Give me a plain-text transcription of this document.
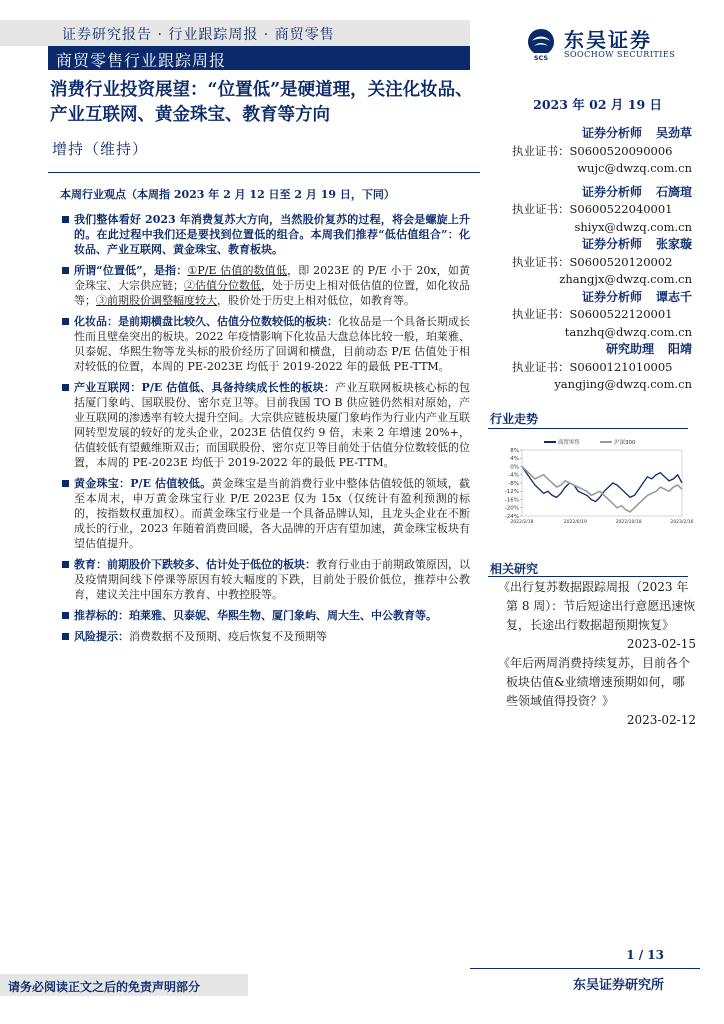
证券研究报告 · 行业跟踪周报 · 商贸零售
商贸零售行业跟踪周报	SCS
东吴证券
SOOCHOW SECURITIES
消费行业投资展望：“位置低”是硬道理，关注化妆品、产业互联网、黄金珠宝、教育等方向
增持（维持）
2023 年 02 月 19 日
证券分析师 吴劲草
执业证书：S0600520090006
wujc@dwzq.com.cn
证券分析师 石旖瑄
执业证书：S0600522040001
shiyx@dwzq.com.cn
证券分析师 张家璇
执业证书：S0600520120002
zhangjx@dwzq.com.cn
证券分析师 谭志千
执业证书：S0600522120001
tanzhq@dwzq.com.cn
研究助理 阳靖
执业证书：S0600121010005
yangjing@dwzq.com.cn
行业走势
8%
4%
0%
-4%
-8%
-12%
-16%
-20%
-24%
2022/2/18	2022/6/19	2022/10/18	2023/2/16
商贸零售	沪深300
相关研究
《出行复苏数据跟踪周报（2023 年第 8 周）：节后短途出行意愿迅速恢复，长途出行数据超预期恢复》
2023-02-15
《年后两周消费持续复苏，目前各个板块估值&业绩增速预期如何，哪些领域值得投资？》
2023-02-12
本周行业观点（本周指 2023 年 2 月 12 日至 2 月 19 日，下同）
我们整体看好 2023 年消费复苏大方向，当然股价复苏的过程，将会是螺旋上升的。在此过程中我们还是要找到位置低的组合。本周我们推荐“低估值组合”：化妆品、产业互联网、黄金珠宝、教育板块。
所谓“位置低”，是指：①P/E 估值的数值低，即 2023E 的 P/E 小于 20x，如黄金珠宝、大宗供应链；②估值分位数低，处于历史上相对低估值的位置，如化妆品等；③前期股价调整幅度较大，股价处于历史上相对低位，如教育等。
化妆品：是前期横盘比较久、估值分位数较低的板块：化妆品是一个具备长期成长性而且壁垒突出的板块。2022 年疫情影响下化妆品大盘总体比较一般，珀莱雅、贝泰妮、华熙生物等龙头标的股价经历了回调和横盘，目前动态 P/E 估值处于相对较低的位置，本周的 PE-2023E 均低于 2019-2022 年的最低 PE-TTM。
产业互联网：P/E 估值低、具备持续成长性的板块：产业互联网板块核心标的包括厦门象屿、国联股份、密尔克卫等。目前我国 TO B 供应链仍然相对原始，产业互联网的渗透率有较大提升空间。大宗供应链板块厦门象屿作为行业内产业互联网转型发展的较好的龙头企业，2023E 估值仅约 9 倍，未来 2 年增速 20%+，估值较低有望戴维斯双击；而国联股份、密尔克卫等目前处于估值分位数较低的位置，本周的 PE-2023E 均低于 2019-2022 年的最低 PE-TTM。
黄金珠宝：P/E 估值较低。黄金珠宝是当前消费行业中整体估值较低的领域，截至本周末，申万黄金珠宝行业 P/E 2023E 仅为 15x（仅统计有盈利预测的标的，按指数权重加权）。而黄金珠宝行业是一个具备品牌认知，且龙头企业在不断成长的行业，2023 年随着消费回暖，各大品牌的开店有望加速，黄金珠宝板块有望估值提升。
教育：前期股价下跌较多、估计处于低位的板块：教育行业由于前期政策原因，以及疫情期间线下停课等原因有较大幅度的下跌，目前处于股价低位，推荐中公教育，建议关注中国东方教育、中教控股等。
推荐标的：珀莱雅、贝泰妮、华熙生物、厦门象屿、周大生、中公教育等。
风险提示：消费数据不及预期、疫后恢复不及预期等
1 / 13
东吴证券研究所
请务必阅读正文之后的免责声明部分
